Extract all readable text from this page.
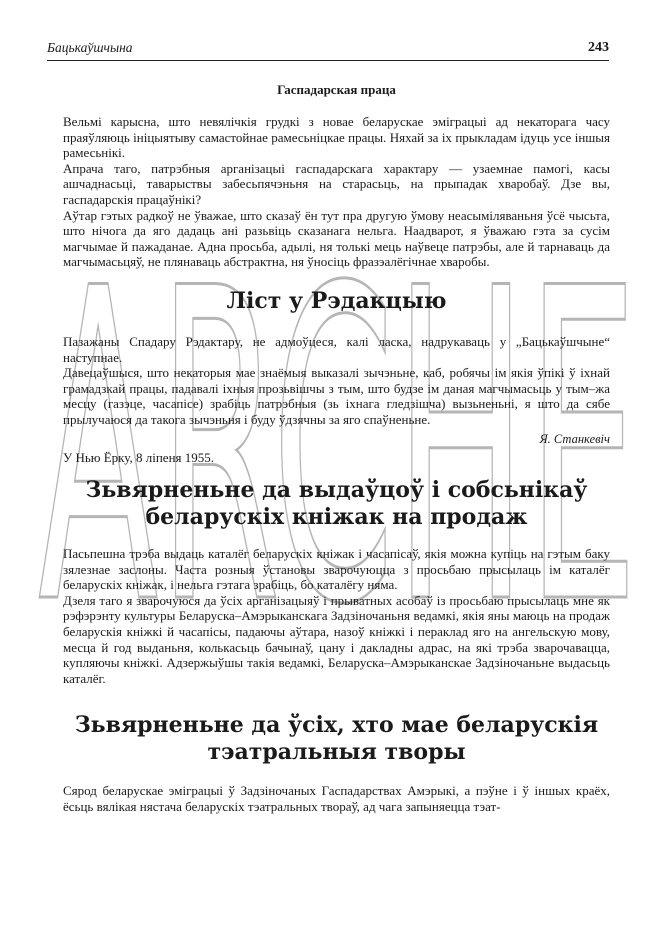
ARCHE
Бацькаўшчына	243
Гаспадарская праца

Вельмі карысна, што невялічкія грудкі з новае беларускае эміграцыі ад некаторага часу праяўляюць ініцыятыву самастойнае рамесьніцкае працы. Няхай за іх прыкладам ідуць усе іншыя рамесьнікі.

Апрача таго, патрэбныя арганізацыі гаспадарскага характару — узаемнае памогі, касы ашчаднасьці, таварыствы забесьпячэньня на старасьць, на прыпадак хваробаў. Дзе вы, гаспадарскія працаўнікі?

Аўтар гэтых радкоў не ўважае, што сказаў ён тут пра другую ўмову неасыміляваньня ўсё чысьта, што нічога да яго дадаць ані разьвіць сказанага нельга. Наадварот, я ўважаю гэта за сусім магчымае й пажаданае. Адна просьба, адылі, ня толькі мець наўвеце патрэбы, але й тарнаваць да магчымасьцяў, не плянаваць абстрактна, ня ўносіць фразэалёгічнае хваробы.

Ліст у Рэдакцыю

Пазажаны Спадару Рэдактару, не адмоўцеся, калі ласка, надрукаваць у „Бацькаўшчыне“ наступнае.

Давецаўшыся, што некаторыя мае знаёмыя выказалі зычэньне, каб, робячы ім якія ўпікі ў іхнай грамадзкай працы, падавалі іхныя прозьвішчы з тым, што будзе ім даная магчымасьць у тым–жа месцу (газэце, часапісе) зрабіць патрэбныя (зь іхнага гледзішча) вызьненьні, я што да сябе прылучаюся да такога зычэньня і буду ўдзячны за яго спаўненьне.

Я. Станкевіч
У Нью Ёрку, 8 ліпеня 1955.
Зьвярненьне да выдаўцоў і собсьнікаў
беларускіх кніжак на продаж

Пасьпешна трэба выдаць каталёг беларускіх кніжак і часапісаў, якія можна купіць на гэтым баку зялезнае заслоны. Часта розныя ўстановы зварочуюцца з просьбаю прысылаць ім каталёг беларускіх кніжак, і нельга гэтага зрабіць, бо каталёгу няма.

Дзеля таго я зварочуюся да ўсіх арганізацыяў і прыватных асобаў із просьбаю прысылаць мне як рэфэрэнту культуры Беларуска–Амэрыканскага Задзіночаньня ведамкі, якія яны маюць на продаж беларускія кніжкі й часапісы, падаючы аўтара, назоў кніжкі і пераклад яго на ангельскую мову, месца й год выданьня, колькасьць бачынаў, цану і дакладны адрас, на які трэба зварочавацца, купляючы кніжкі. Адзержыўшы такія ведамкі, Беларуска–Амэрыканскае Задзіночаньне выдасьць каталёг.

Зьвярненьне да ўсіх, хто мае беларускія
тэатральныя творы

Сярод беларускае эміграцыі ў Задзіночаных Гаспадарствах Амэрыкі, а пэўне і ў іншых краёх, ёсьць вялікая нястача беларускіх тэатральных твораў, ад чага запыняецца тэат-
